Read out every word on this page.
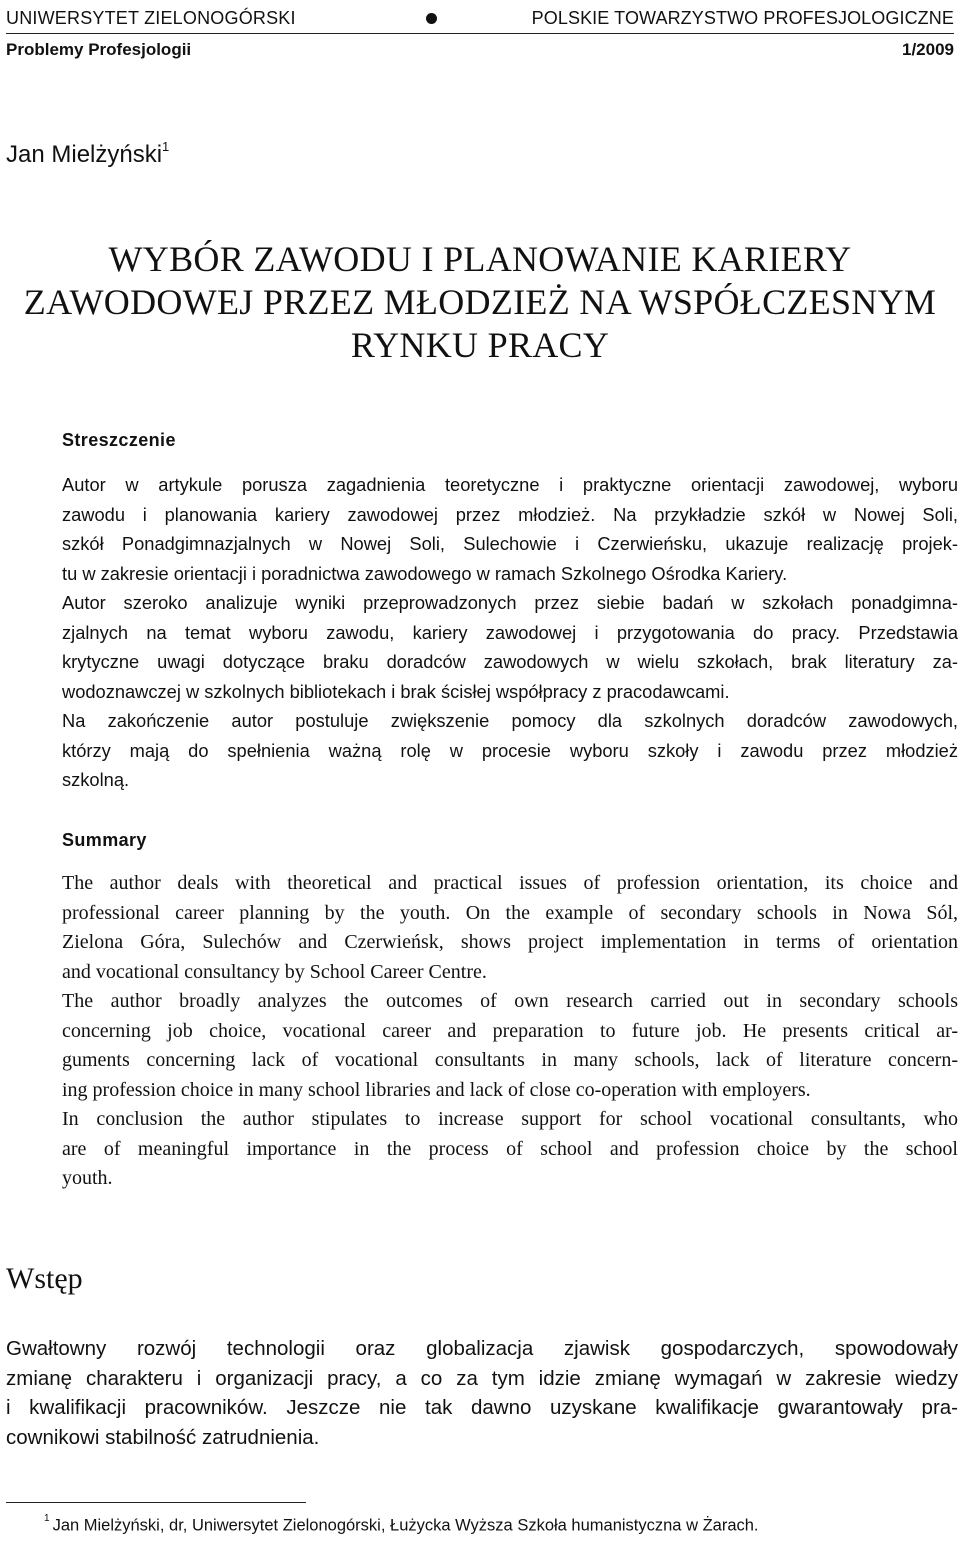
UNIWERSYTET ZIELONOGÓRSKI	POLSKIE TOWARZYSTWO PROFESJOLOGICZNE
Problemy Profesjologii	1/2009
Jan Mielżyński$^1$
WYBÓR ZAWODU I PLANOWANIE KARIERY
ZAWODOWEJ PRZEZ MŁODZIEŻ NA WSPÓŁCZESNYM
RYNKU PRACY
Streszczenie
Autor w artykule porusza zagadnienia teoretyczne i praktyczne orientacji zawodowej, wyboru
zawodu i planowania kariery zawodowej przez młodzież. Na przykładzie szkół w Nowej Soli,
szkół Ponadgimnazjalnych w Nowej Soli, Sulechowie i Czerwieńsku, ukazuje realizację projek-
tu w zakresie orientacji i poradnictwa zawodowego w ramach Szkolnego Ośrodka Kariery.
Autor szeroko analizuje wyniki przeprowadzonych przez siebie badań w szkołach ponadgimna-
zjalnych na temat wyboru zawodu, kariery zawodowej i przygotowania do pracy. Przedstawia
krytyczne uwagi dotyczące braku doradców zawodowych w wielu szkołach, brak literatury za-
wodoznawczej w szkolnych bibliotekach i brak ścisłej współpracy z pracodawcami.
Na zakończenie autor postuluje zwiększenie pomocy dla szkolnych doradców zawodowych,
którzy mają do spełnienia ważną rolę w procesie wyboru szkoły i zawodu przez młodzież
szkolną.
Summary
The author deals with theoretical and practical issues of profession orientation, its choice and
professional career planning by the youth. On the example of secondary schools in Nowa Sól,
Zielona Góra, Sulechów and Czerwieńsk, shows project implementation in terms of orientation
and vocational consultancy by School Career Centre.
The author broadly analyzes the outcomes of own research carried out in secondary schools
concerning job choice, vocational career and preparation to future job. He presents critical ar-
guments concerning lack of vocational consultants in many schools, lack of literature concern-
ing profession choice in many school libraries and lack of close co-operation with employers.
In conclusion the author stipulates to increase support for school vocational consultants, who
are of meaningful importance in the process of school and profession choice by the school
youth.
Wstęp
Gwałtowny rozwój technologii oraz globalizacja zjawisk gospodarczych, spowodowały
zmianę charakteru i organizacji pracy, a co za tym idzie zmianę wymagań w zakresie wiedzy
i kwalifikacji pracowników. Jeszcze nie tak dawno uzyskane kwalifikacje gwarantowały pra-
cownikowi stabilność zatrudnienia.
$^1$ Jan Mielżyński, dr, Uniwersytet Zielonogórski, Łużycka Wyższa Szkoła humanistyczna w Żarach.
